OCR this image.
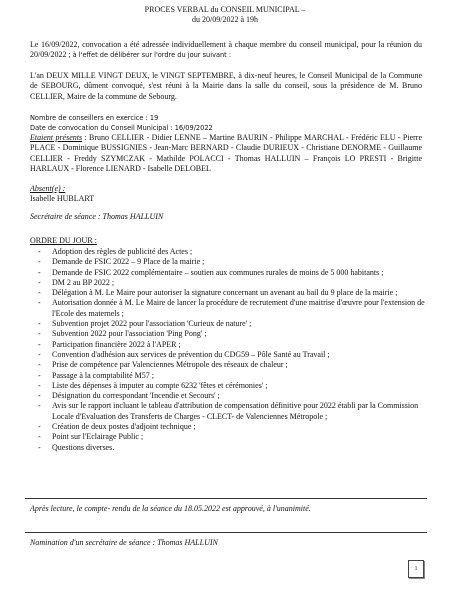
PROCES VERBAL du CONSEIL MUNICIPAL –
du 20/09/2022 à 19h
Le 16/09/2022, convocation a été adressée individuellement à chaque membre du conseil municipal, pour la réunion du 20/09/2022 ; à l'effet de délibérer sur l'ordre du jour suivant :
L'an DEUX MILLE VINGT DEUX, le VINGT SEPTEMBRE, à dix-neuf heures, le Conseil Municipal de la Commune de SEBOURG, dûment convoqué, s'est réuni à la Mairie dans la salle du conseil, sous la présidence de M. Bruno CELLIER, Maire de la commune de Sebourg.
Nombre de conseillers en exercice : 19
Date de convocation du Conseil Municipal : 16/09/2022
Etaient présents : Bruno CELLIER - Didier LENNE – Martine BAURIN - Philippe MARCHAL - Frédéric ELU - Pierre PLACE - Dominique BUSSIGNIES - Jean-Marc BERNARD - Claudie DURIEUX - Christiane DENORME - Guillaume CELLIER - Freddy SZYMCZAK - Mathilde POLACCI - Thomas HALLUIN – François LO PRESTI - Brigitte HARLAUX - Florence LIENARD - Isabelle DELOBEL
Absent(e) :
Isabelle HUBLART
Secrétaire de séance : Thomas HALLUIN
ORDRE DU JOUR :
- Adoption des règles de publicité des Actes ;
- Demande de FSIC 2022 – 9 Place de la mairie ;
- Demande de FSIC 2022 complémentaire – soutien aux communes rurales de moins de 5 000 habitants ;
- DM 2 au BP 2022 ;
- Délégation à M. Le Maire pour autoriser la signature concernant un avenant au bail du 9 place de la mairie ;
- Autorisation donnée à M. Le Maire de lancer la procédure de recrutement d'une maitrise d'œuvre pour l'extension de l'Ecole des maternels ;
- Subvention projet 2022 pour l'association 'Curieux de nature' ;
- Subvention 2022 pour l'association 'Ping Pong' ;
- Participation financière 2022 à l'APER ;
- Convention d'adhésion aux services de prévention du CDG59 – Pôle Santé au Travail ;
- Prise de compétence par Valenciennes Métropole des réseaux de chaleur ;
- Passage à la comptabilité M57 ;
- Liste des dépenses à imputer au compte 6232 'fêtes et cérémonies' ;
- Désignation du correspondant 'Incendie et Secours' ;
- Avis sur le rapport incluant le tableau d'attribution de compensation définitive pour 2022 établi par la Commission Locale d'Evaluation des Transferts de Charges - CLECT- de Valenciennes Métropole ;
- Création de deux postes d'adjoint technique ;
- Point sur l'Eclairage Public ;
- Questions diverses.
Après lecture, le compte- rendu de la séance du 18.05.2022 est approuvé, à l'unanimité.
Nomination d'un secrétaire de séance : Thomas HALLUIN
1
